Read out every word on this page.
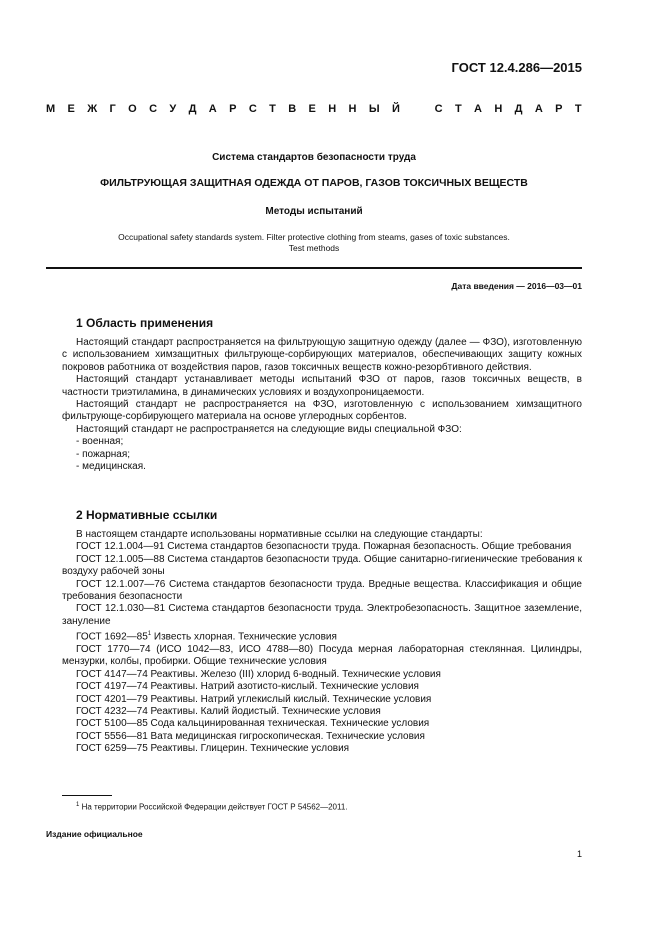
ГОСТ 12.4.286—2015
М Е Ж Г О С У Д А Р С Т В Е Н Н Ы Й	С Т А Н Д А Р Т
Система стандартов безопасности труда
ФИЛЬТРУЮЩАЯ ЗАЩИТНАЯ ОДЕЖДА ОТ ПАРОВ, ГАЗОВ ТОКСИЧНЫХ ВЕЩЕСТВ
Методы испытаний
Occupational safety standards system. Filter protective clothing from steams, gases of toxic substances.
Test methods
Дата введения — 2016—03—01
1 Область применения

Настоящий стандарт распространяется на фильтрующую защитную одежду (далее — ФЗО), изготовленную с использованием химзащитных фильтрующе-сорбирующих материалов, обеспечивающих защиту кожных покровов работника от воздействия паров, газов токсичных веществ кожно-резорбтивного действия.

Настоящий стандарт устанавливает методы испытаний ФЗО от паров, газов токсичных веществ, в частности триэтиламина, в динамических условиях и воздухопроницаемости.

Настоящий стандарт не распространяется на ФЗО, изготовленную с использованием химзащитного фильтрующе-сорбирующего материала на основе углеродных сорбентов.

Настоящий стандарт не распространяется на следующие виды специальной ФЗО:

- военная;

- пожарная;

- медицинская.

2 Нормативные ссылки

В настоящем стандарте использованы нормативные ссылки на следующие стандарты:

ГОСТ 12.1.004—91 Система стандартов безопасности труда. Пожарная безопасность. Общие требования

ГОСТ 12.1.005—88 Система стандартов безопасности труда. Общие санитарно-гигиенические требования к воздуху рабочей зоны

ГОСТ 12.1.007—76 Система стандартов безопасности труда. Вредные вещества. Классификация и общие требования безопасности

ГОСТ 12.1.030—81 Система стандартов безопасности труда. Электробезопасность. Защитное заземление, зануление

ГОСТ $1692—85^1$ Известь хлорная. Технические условия

ГОСТ 1770—74 (ИСО 1042—83, ИСО 4788—80) Посуда мерная лабораторная стеклянная. Цилиндры, мензурки, колбы, пробирки. Общие технические условия

ГОСТ 4147—74 Реактивы. Железо (III) хлорид 6-водный. Технические условия

ГОСТ 4197—74 Реактивы. Натрий азотисто-кислый. Технические условия

ГОСТ 4201—79 Реактивы. Натрий углекислый кислый. Технические условия

ГОСТ 4232—74 Реактивы. Калий йодистый. Технические условия

ГОСТ 5100—85 Сода кальцинированная техническая. Технические условия

ГОСТ 5556—81 Вата медицинская гигроскопическая. Технические условия

ГОСТ 6259—75 Реактивы. Глицерин. Технические условия

$^1$ На территории Российской Федерации действует ГОСТ Р 54562—2011.
Издание официальное
1
